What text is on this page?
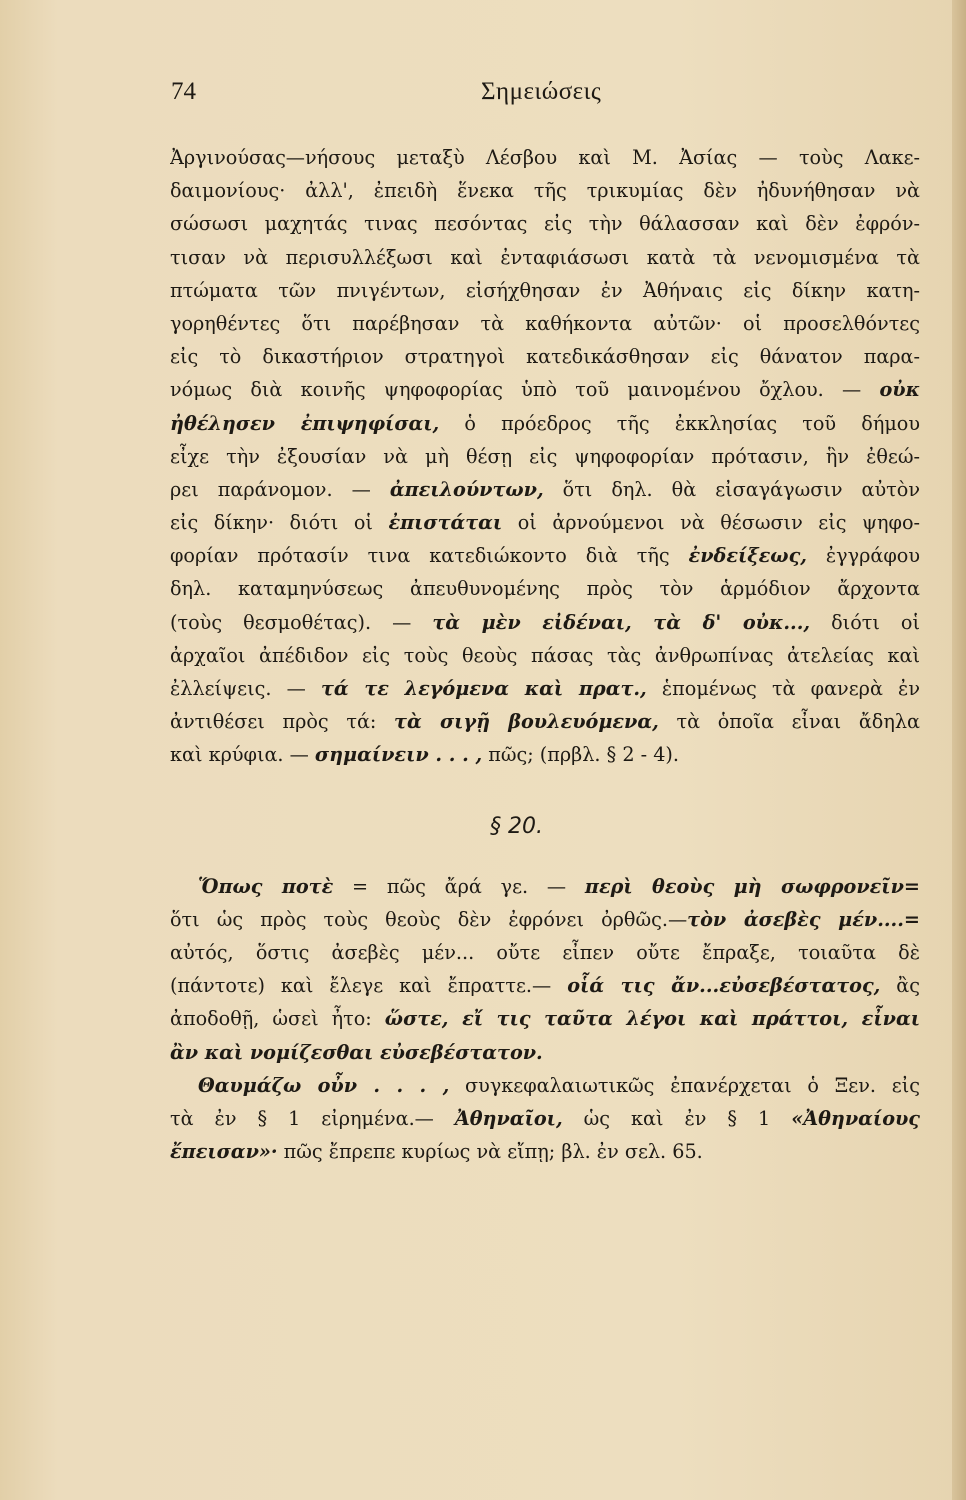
74	Σημειώσεις
Ἀργινούσας—νήσους μεταξὺ Λέσβου καὶ Μ. Ἀσίας — τοὺς Λακε-
δαιμονίους· ἀλλ', ἐπειδὴ ἕνεκα τῆς τρικυμίας δὲν ἠδυνήθησαν νὰ
σώσωσι μαχητάς τινας πεσόντας εἰς τὴν θάλασσαν καὶ δὲν ἐφρόν-
τισαν νὰ περισυλλέξωσι καὶ ἐνταφιάσωσι κατὰ τὰ νενομισμένα τὰ
πτώματα τῶν πνιγέντων, εἰσήχθησαν ἐν Ἀθήναις εἰς δίκην κατη-
γορηθέντες ὅτι παρέβησαν τὰ καθήκοντα αὐτῶν· οἱ προσελθόντες
εἰς τὸ δικαστήριον στρατηγοὶ κατεδικάσθησαν εἰς θάνατον παρα-
νόμως διὰ κοινῆς ψηφοφορίας ὑπὸ τοῦ μαινομένου ὄχλου. — οὐκ
ἠθέλησεν ἐπιψηφίσαι, ὁ πρόεδρος τῆς ἐκκλησίας τοῦ δήμου
εἶχε τὴν ἐξουσίαν νὰ μὴ θέσῃ εἰς ψηφοφορίαν πρότασιν, ἣν ἐθεώ-
ρει παράνομον. — ἀπειλούντων, ὅτι δηλ. θὰ εἰσαγάγωσιν αὐτὸν
εἰς δίκην· διότι οἱ ἐπιστάται οἱ ἀρνούμενοι νὰ θέσωσιν εἰς ψηφο-
φορίαν πρότασίν τινα κατεδιώκοντο διὰ τῆς ἐνδείξεως, ἐγγράφου
δηλ. καταμηνύσεως ἀπευθυνομένης πρὸς τὸν ἁρμόδιον ἄρχοντα
(τοὺς θεσμοθέτας). — τὰ μὲν εἰδέναι, τὰ δ' οὐκ..., διότι οἱ
ἀρχαῖοι ἀπέδιδον εἰς τοὺς θεοὺς πάσας τὰς ἀνθρωπίνας ἀτελείας καὶ
ἐλλείψεις. — τά τε λεγόμενα καὶ πρατ., ἑπομένως τὰ φανερὰ ἐν
ἀντιθέσει πρὸς τά: τὰ σιγῇ βουλευόμενα, τὰ ὁποῖα εἶναι ἄδηλα
καὶ κρύφια. — σημαίνειν . . . , πῶς; (πρβλ. § 2 - 4).
§ 20.
Ὅπως ποτὲ = πῶς ἄρά γε. — περὶ θεοὺς μὴ σωφρονεῖν=
ὅτι ὡς πρὸς τοὺς θεοὺς δὲν ἐφρόνει ὀρθῶς.—τὸν ἀσεβὲς μέν....=
αὐτός, ὅστις ἀσεβὲς μέν... οὔτε εἶπεν οὔτε ἔπραξε, τοιαῦτα δὲ
(πάντοτε) καὶ ἔλεγε καὶ ἔπραττε.— οἷά τις ἄν...εὐσεβέστατος, ἂς
ἀποδοθῇ, ὡσεὶ ἦτο: ὥστε, εἴ τις ταῦτα λέγοι καὶ πράττοι, εἶναι
ἂν καὶ νομίζεσθαι εὐσεβέστατον.
Θαυμάζω οὖν . . . , συγκεφαλαιωτικῶς ἐπανέρχεται ὁ Ξεν. εἰς
τὰ ἐν § 1 εἰρημένα.— Ἀθηναῖοι, ὡς καὶ ἐν § 1 «Ἀθηναίους
ἔπεισαν»· πῶς ἔπρεπε κυρίως νὰ εἴπῃ; βλ. ἐν σελ. 65.
